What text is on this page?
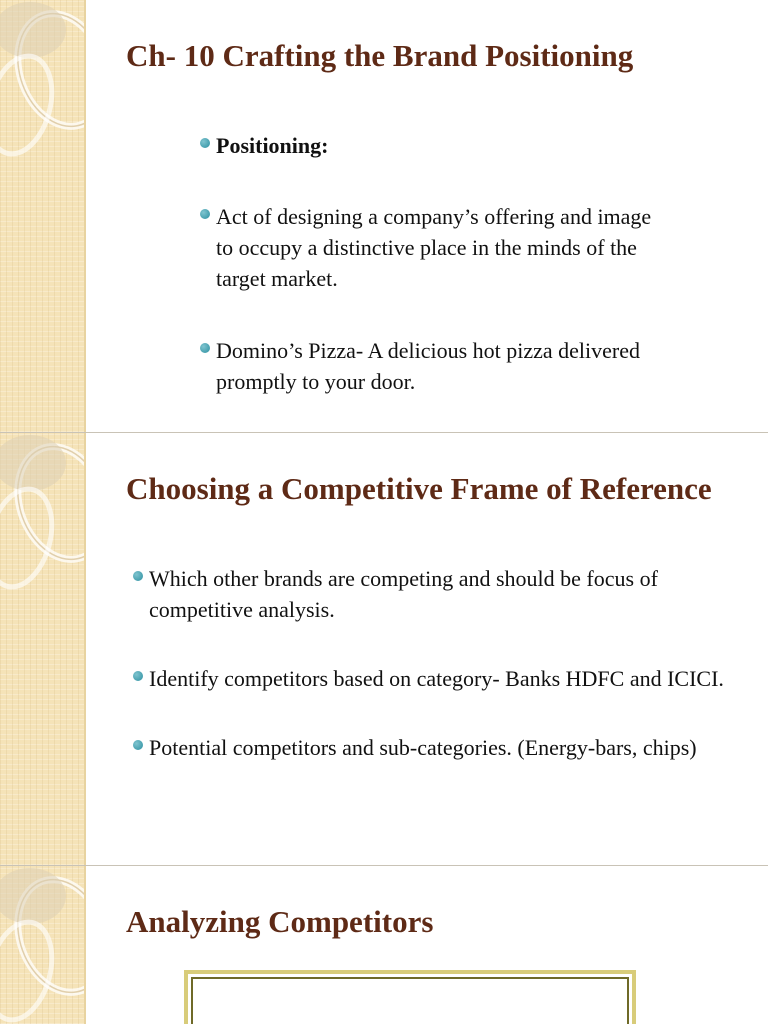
Ch- 10 Crafting the Brand Positioning
Positioning:
Act of designing a company’s offering and image to occupy a distinctive place in the minds of the target market.
Domino’s Pizza- A delicious hot pizza delivered promptly to your door.
Choosing a Competitive Frame of Reference
Which other brands are competing and should be focus of competitive analysis.
Identify competitors based on category- Banks HDFC and ICICI.
Potential competitors and sub-categories. (Energy-bars, chips)
Analyzing Competitors
